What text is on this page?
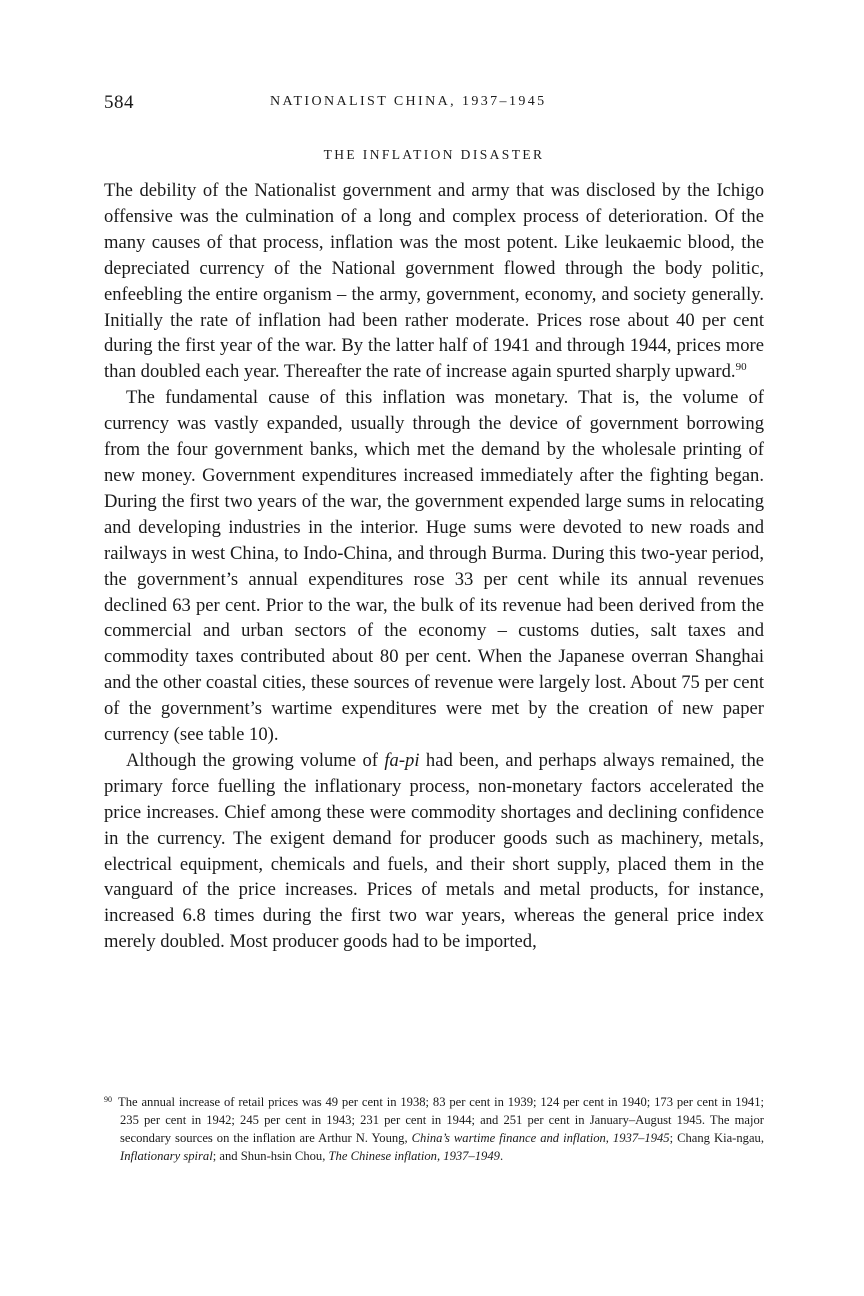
584	NATIONALIST CHINA, 1937–1945
THE INFLATION DISASTER

The debility of the Nationalist government and army that was disclosed by the Ichigo offensive was the culmination of a long and complex process of deterioration. Of the many causes of that process, inflation was the most potent. Like leukaemic blood, the depreciated currency of the National government flowed through the body politic, enfeebling the entire organism – the army, government, economy, and society generally. Initially the rate of inflation had been rather moderate. Prices rose about 40 per cent during the first year of the war. By the latter half of 1941 and through 1944, prices more than doubled each year. Thereafter the rate of increase again spurted sharply upward.$^{90}$

The fundamental cause of this inflation was monetary. That is, the volume of currency was vastly expanded, usually through the device of government borrowing from the four government banks, which met the demand by the wholesale printing of new money. Government expenditures increased immediately after the fighting began. During the first two years of the war, the government expended large sums in relocating and developing industries in the interior. Huge sums were devoted to new roads and railways in west China, to Indo-China, and through Burma. During this two-year period, the government’s annual expenditures rose 33 per cent while its annual revenues declined 63 per cent. Prior to the war, the bulk of its revenue had been derived from the commercial and urban sectors of the economy – customs duties, salt taxes and commodity taxes contributed about 80 per cent. When the Japanese overran Shanghai and the other coastal cities, these sources of revenue were largely lost. About 75 per cent of the government’s wartime expenditures were met by the creation of new paper currency (see table 10).

Although the growing volume of fa-pi had been, and perhaps always remained, the primary force fuelling the inflationary process, non-monetary factors accelerated the price increases. Chief among these were commodity shortages and declining confidence in the currency. The exigent demand for producer goods such as machinery, metals, electrical equipment, chemicals and fuels, and their short supply, placed them in the vanguard of the price increases. Prices of metals and metal products, for instance, increased 6.8 times during the first two war years, whereas the general price index merely doubled. Most producer goods had to be imported,

$^{90}$ The annual increase of retail prices was 49 per cent in 1938; 83 per cent in 1939; 124 per cent in 1940; 173 per cent in 1941; 235 per cent in 1942; 245 per cent in 1943; 231 per cent in 1944; and 251 per cent in January–August 1945. The major secondary sources on the inflation are Arthur N. Young, China’s wartime finance and inflation, 1937–1945; Chang Kia-ngau, Inflationary spiral; and Shun-hsin Chou, The Chinese inflation, 1937–1949.
